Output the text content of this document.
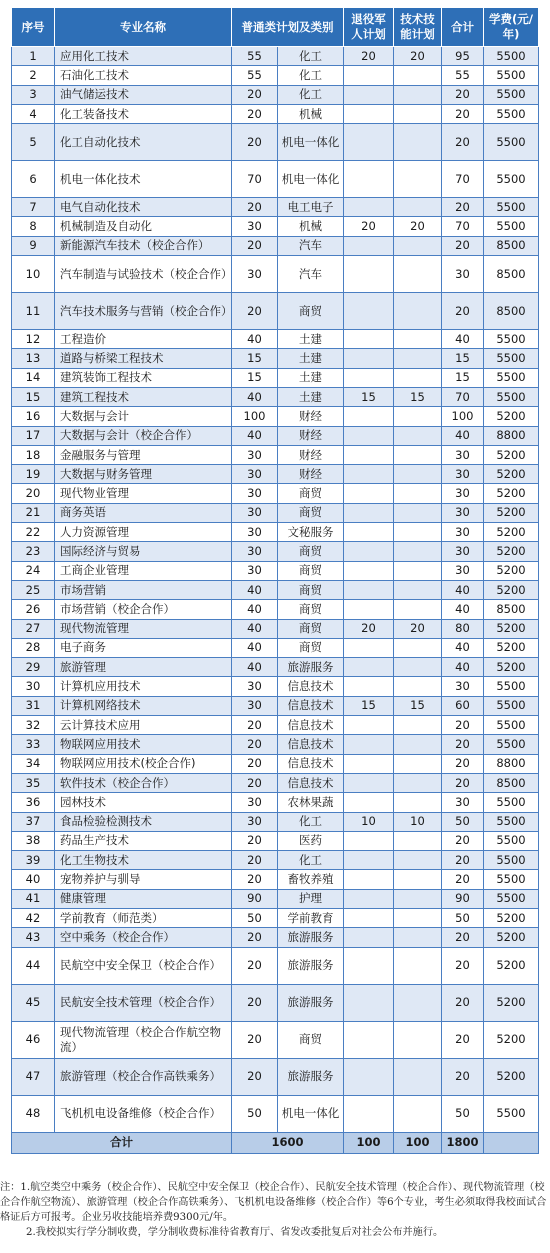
序号	专业名称	普通类计划及类别		退役军人计划	技术技能计划	合计	学费(元/年)
1	应用化工技术	55	化工	20	20	95	5500
2	石油化工技术	55	化工			55	5500
3	油气储运技术	20	化工			20	5500
4	化工装备技术	20	机械			20	5500
5	化工自动化技术	20	机电一体化			20	5500
6	机电一体化技术	70	机电一体化			70	5500
7	电气自动化技术	20	电工电子			20	5500
8	机械制造及自动化	30	机械	20	20	70	5500
9	新能源汽车技术（校企合作）	20	汽车			20	8500
10	汽车制造与试验技术（校企合作）	30	汽车			30	8500
11	汽车技术服务与营销（校企合作）	20	商贸			20	8500
12	工程造价	40	土建			40	5500
13	道路与桥梁工程技术	15	土建			15	5500
14	建筑装饰工程技术	15	土建			15	5500
15	建筑工程技术	40	土建	15	15	70	5500
16	大数据与会计	100	财经			100	5200
17	大数据与会计（校企合作）	40	财经			40	8800
18	金融服务与管理	30	财经			30	5200
19	大数据与财务管理	30	财经			30	5200
20	现代物业管理	30	商贸			30	5200
21	商务英语	30	商贸			30	5200
22	人力资源管理	30	文秘服务			30	5200
23	国际经济与贸易	30	商贸			30	5200
24	工商企业管理	30	商贸			30	5200
25	市场营销	40	商贸			40	5200
26	市场营销（校企合作）	40	商贸			40	8500
27	现代物流管理	40	商贸	20	20	80	5200
28	电子商务	40	商贸			40	5200
29	旅游管理	40	旅游服务			40	5200
30	计算机应用技术	30	信息技术			30	5500
31	计算机网络技术	30	信息技术	15	15	60	5500
32	云计算技术应用	20	信息技术			20	5500
33	物联网应用技术	20	信息技术			20	5500
34	物联网应用技术(校企合作)	20	信息技术			20	8800
35	软件技术（校企合作）	20	信息技术			20	8500
36	园林技术	30	农林果蔬			30	5500
37	食品检验检测技术	30	化工	10	10	50	5500
38	药品生产技术	20	医药			20	5500
39	化工生物技术	20	化工			20	5500
40	宠物养护与驯导	20	畜牧养殖			20	5500
41	健康管理	90	护理			90	5500
42	学前教育（师范类）	50	学前教育			50	5200
43	空中乘务（校企合作）	20	旅游服务			20	5200
44	民航空中安全保卫（校企合作）	20	旅游服务			20	5200
45	民航安全技术管理（校企合作）	20	旅游服务			20	5200
46	现代物流管理（校企合作航空物流）	20	商贸			20	5200
47	旅游管理（校企合作高铁乘务）	20	旅游服务			20	5200
48	飞机机电设备维修（校企合作）	50	机电一体化			50	5500
合计		1600		100	100	1800	

注：1.航空类空中乘务（校企合作）、民航空中安全保卫（校企合作）、民航安全技术管理（校企合作）、现代物流管理（校企合作航空物流）、旅游管理（校企合作高铁乘务）、飞机机电设备维修（校企合作）等6个专业，考生必须取得我校面试合格证后方可报考。企业另收技能培养费9300元/年。

2.我校拟实行学分制收费，学分制收费标准待省教育厅、省发改委批复后对社会公布并施行。
